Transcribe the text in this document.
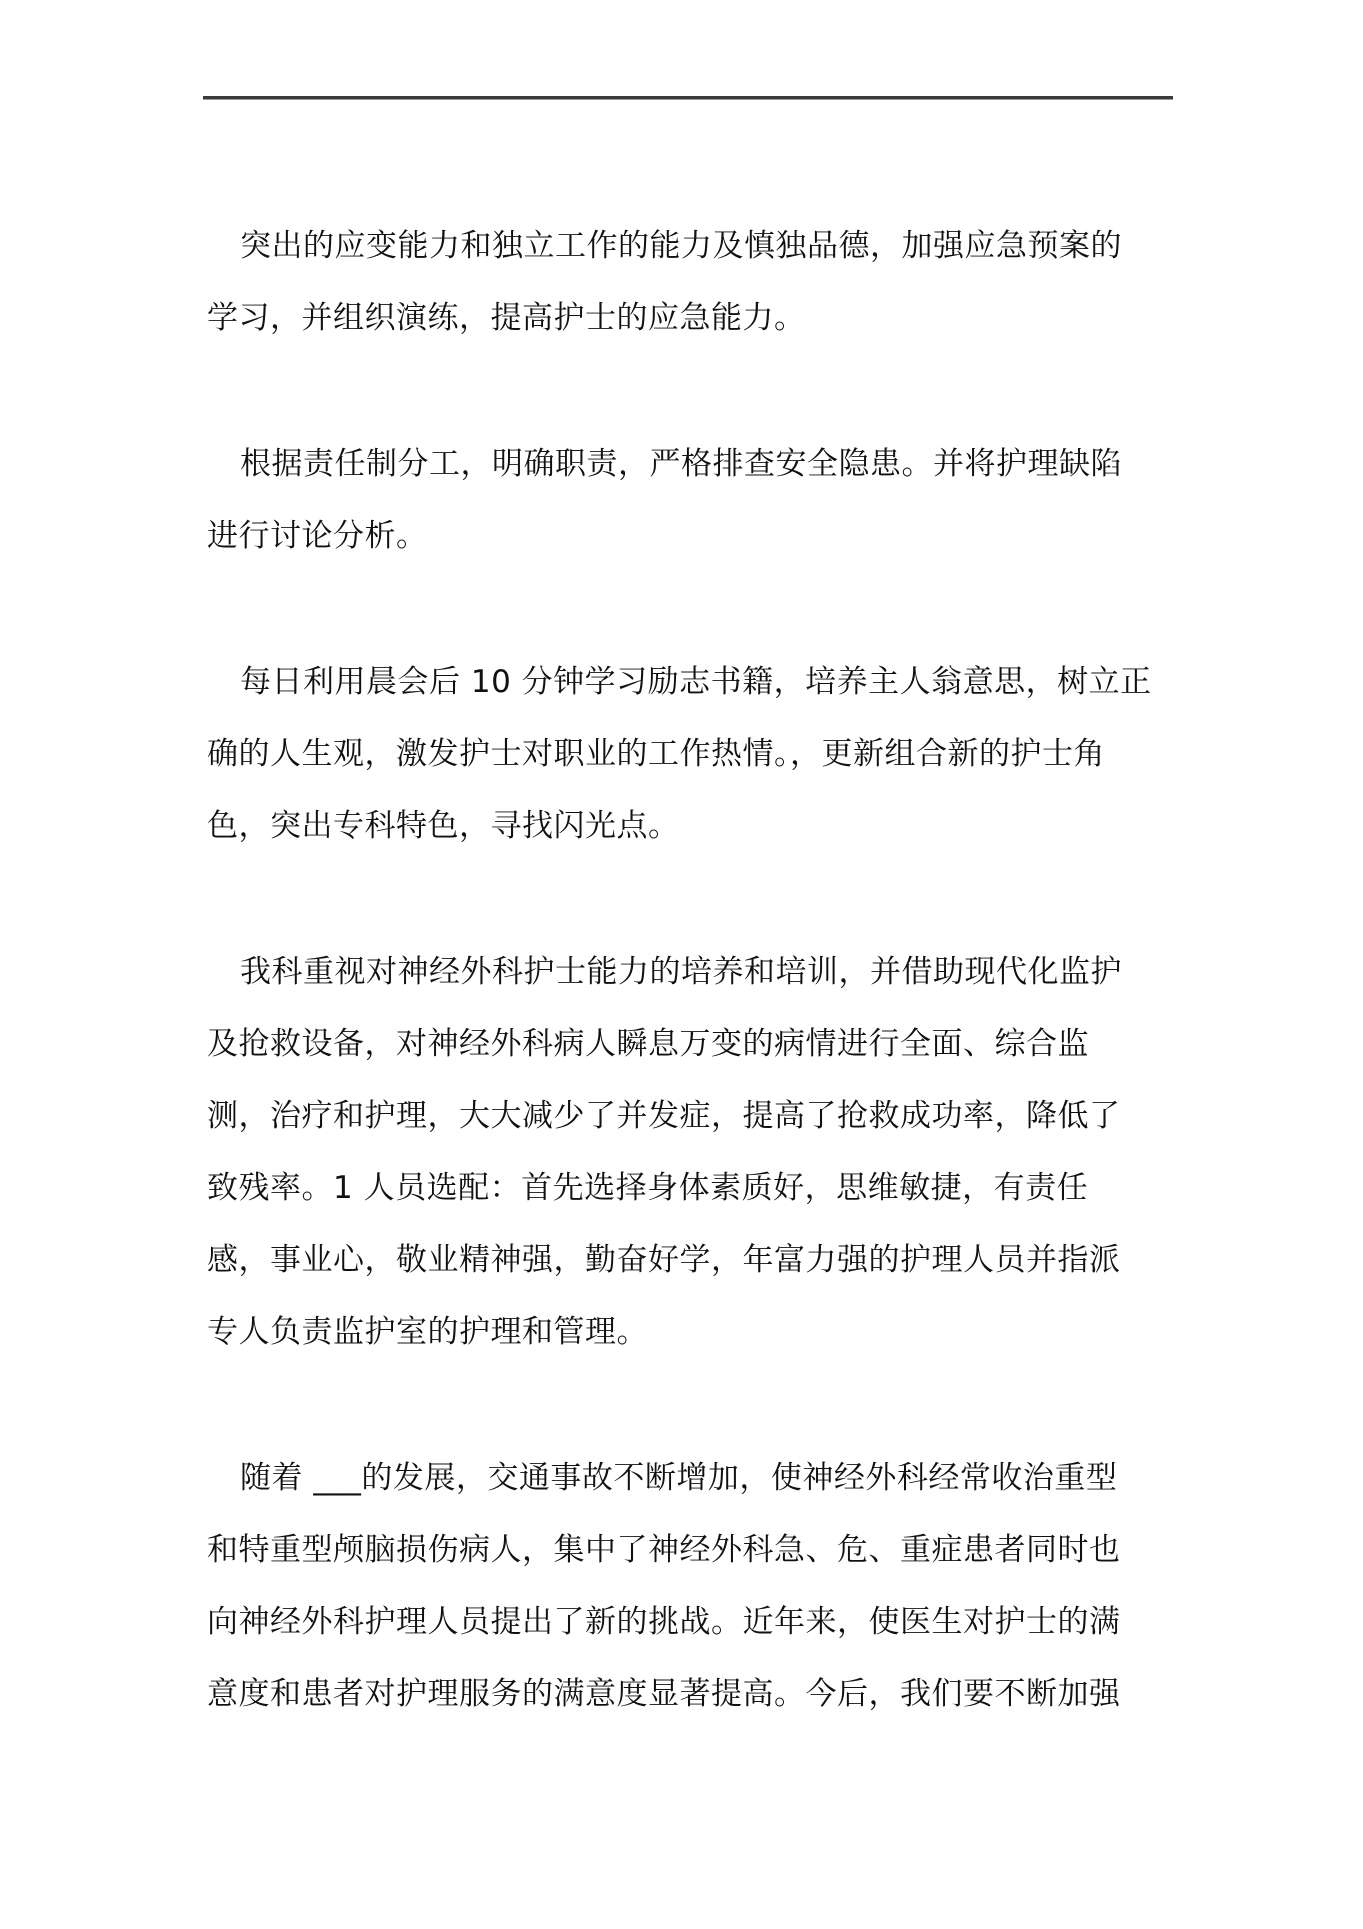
突出的应变能力和独立工作的能力及慎独品德，加强应急预案的
学习，并组织演练，提高护士的应急能力。

根据责任制分工，明确职责，严格排查安全隐患。并将护理缺陷
进行讨论分析。

每日利用晨会后 10 分钟学习励志书籍，培养主人翁意思，树立正
确的人生观，激发护士对职业的工作热情。，更新组合新的护士角
色，突出专科特色，寻找闪光点。

我科重视对神经外科护士能力的培养和培训，并借助现代化监护
及抢救设备，对神经外科病人瞬息万变的病情进行全面、综合监
测，治疗和护理，大大减少了并发症，提高了抢救成功率，降低了
致残率。1 人员选配：首先选择身体素质好，思维敏捷，有责任
感，事业心，敬业精神强，勤奋好学，年富力强的护理人员并指派
专人负责监护室的护理和管理。

随着 ___的发展，交通事故不断增加，使神经外科经常收治重型
和特重型颅脑损伤病人，集中了神经外科急、危、重症患者同时也
向神经外科护理人员提出了新的挑战。近年来，使医生对护士的满
意度和患者对护理服务的满意度显著提高。今后，我们要不断加强
